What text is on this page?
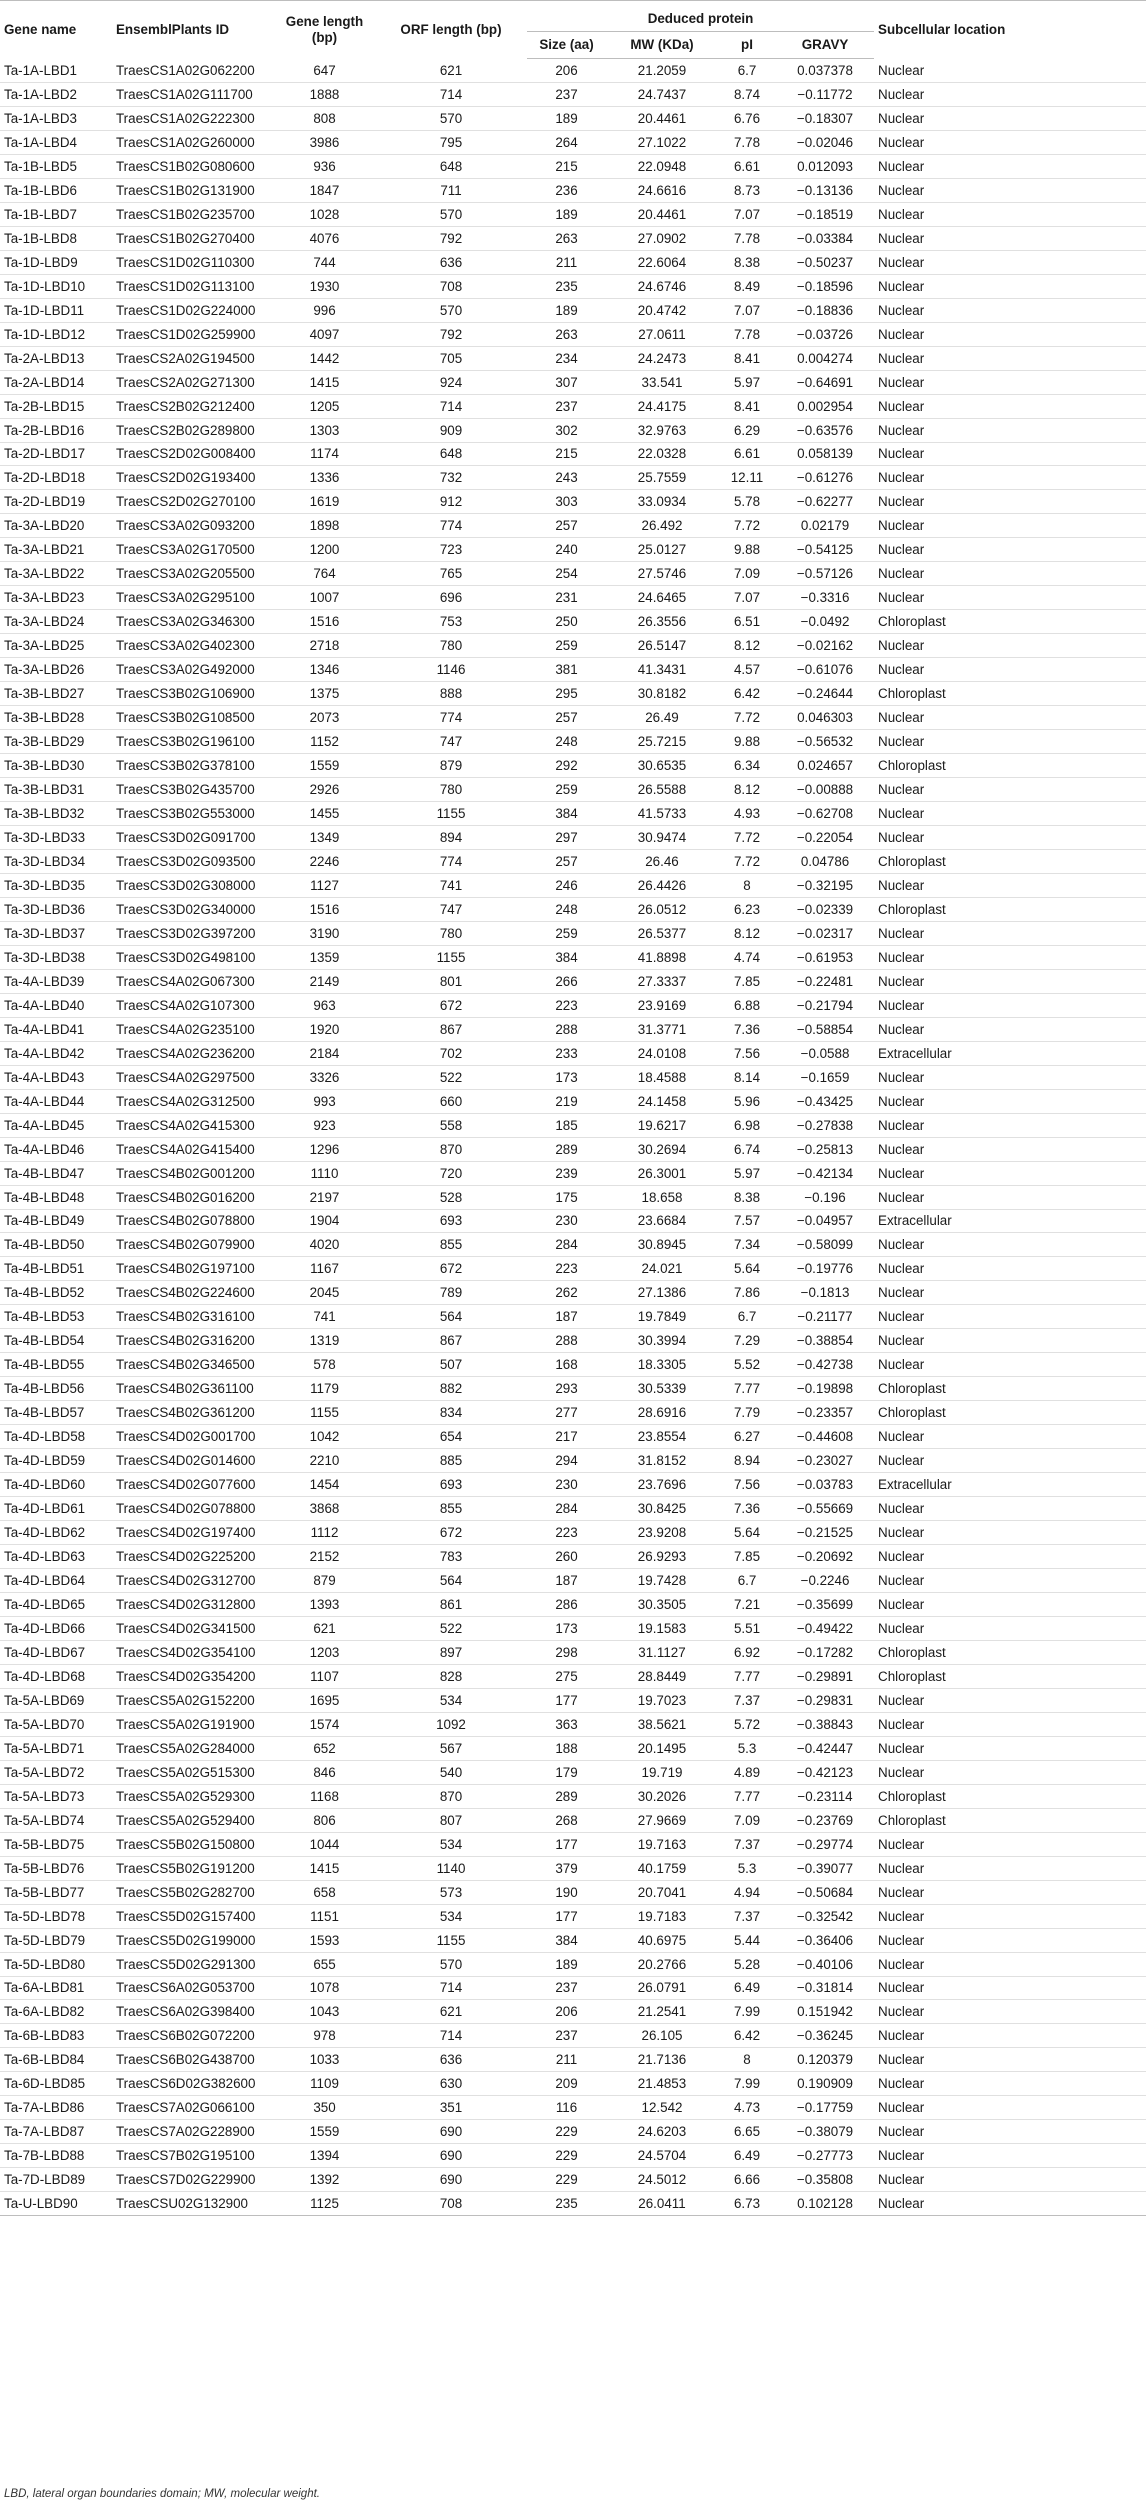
Gene name	EnsemblPlants ID	Gene length (bp)	ORF length (bp)	Deduced protein				Subcellular location
				Size (aa)	MW (KDa)	pI	GRAVY	
Ta-1A-LBD1	TraesCS1A02G062200	647	621	206	21.2059	6.7	0.037378	Nuclear
Ta-1A-LBD2	TraesCS1A02G111700	1888	714	237	24.7437	8.74	−0.11772	Nuclear
Ta-1A-LBD3	TraesCS1A02G222300	808	570	189	20.4461	6.76	−0.18307	Nuclear
Ta-1A-LBD4	TraesCS1A02G260000	3986	795	264	27.1022	7.78	−0.02046	Nuclear
Ta-1B-LBD5	TraesCS1B02G080600	936	648	215	22.0948	6.61	0.012093	Nuclear
Ta-1B-LBD6	TraesCS1B02G131900	1847	711	236	24.6616	8.73	−0.13136	Nuclear
Ta-1B-LBD7	TraesCS1B02G235700	1028	570	189	20.4461	7.07	−0.18519	Nuclear
Ta-1B-LBD8	TraesCS1B02G270400	4076	792	263	27.0902	7.78	−0.03384	Nuclear
Ta-1D-LBD9	TraesCS1D02G110300	744	636	211	22.6064	8.38	−0.50237	Nuclear
Ta-1D-LBD10	TraesCS1D02G113100	1930	708	235	24.6746	8.49	−0.18596	Nuclear
Ta-1D-LBD11	TraesCS1D02G224000	996	570	189	20.4742	7.07	−0.18836	Nuclear
Ta-1D-LBD12	TraesCS1D02G259900	4097	792	263	27.0611	7.78	−0.03726	Nuclear
Ta-2A-LBD13	TraesCS2A02G194500	1442	705	234	24.2473	8.41	0.004274	Nuclear
Ta-2A-LBD14	TraesCS2A02G271300	1415	924	307	33.541	5.97	−0.64691	Nuclear
Ta-2B-LBD15	TraesCS2B02G212400	1205	714	237	24.4175	8.41	0.002954	Nuclear
Ta-2B-LBD16	TraesCS2B02G289800	1303	909	302	32.9763	6.29	−0.63576	Nuclear
Ta-2D-LBD17	TraesCS2D02G008400	1174	648	215	22.0328	6.61	0.058139	Nuclear
Ta-2D-LBD18	TraesCS2D02G193400	1336	732	243	25.7559	12.11	−0.61276	Nuclear
Ta-2D-LBD19	TraesCS2D02G270100	1619	912	303	33.0934	5.78	−0.62277	Nuclear
Ta-3A-LBD20	TraesCS3A02G093200	1898	774	257	26.492	7.72	0.02179	Nuclear
Ta-3A-LBD21	TraesCS3A02G170500	1200	723	240	25.0127	9.88	−0.54125	Nuclear
Ta-3A-LBD22	TraesCS3A02G205500	764	765	254	27.5746	7.09	−0.57126	Nuclear
Ta-3A-LBD23	TraesCS3A02G295100	1007	696	231	24.6465	7.07	−0.3316	Nuclear
Ta-3A-LBD24	TraesCS3A02G346300	1516	753	250	26.3556	6.51	−0.0492	Chloroplast
Ta-3A-LBD25	TraesCS3A02G402300	2718	780	259	26.5147	8.12	−0.02162	Nuclear
Ta-3A-LBD26	TraesCS3A02G492000	1346	1146	381	41.3431	4.57	−0.61076	Nuclear
Ta-3B-LBD27	TraesCS3B02G106900	1375	888	295	30.8182	6.42	−0.24644	Chloroplast
Ta-3B-LBD28	TraesCS3B02G108500	2073	774	257	26.49	7.72	0.046303	Nuclear
Ta-3B-LBD29	TraesCS3B02G196100	1152	747	248	25.7215	9.88	−0.56532	Nuclear
Ta-3B-LBD30	TraesCS3B02G378100	1559	879	292	30.6535	6.34	0.024657	Chloroplast
Ta-3B-LBD31	TraesCS3B02G435700	2926	780	259	26.5588	8.12	−0.00888	Nuclear
Ta-3B-LBD32	TraesCS3B02G553000	1455	1155	384	41.5733	4.93	−0.62708	Nuclear
Ta-3D-LBD33	TraesCS3D02G091700	1349	894	297	30.9474	7.72	−0.22054	Nuclear
Ta-3D-LBD34	TraesCS3D02G093500	2246	774	257	26.46	7.72	0.04786	Chloroplast
Ta-3D-LBD35	TraesCS3D02G308000	1127	741	246	26.4426	8	−0.32195	Nuclear
Ta-3D-LBD36	TraesCS3D02G340000	1516	747	248	26.0512	6.23	−0.02339	Chloroplast
Ta-3D-LBD37	TraesCS3D02G397200	3190	780	259	26.5377	8.12	−0.02317	Nuclear
Ta-3D-LBD38	TraesCS3D02G498100	1359	1155	384	41.8898	4.74	−0.61953	Nuclear
Ta-4A-LBD39	TraesCS4A02G067300	2149	801	266	27.3337	7.85	−0.22481	Nuclear
Ta-4A-LBD40	TraesCS4A02G107300	963	672	223	23.9169	6.88	−0.21794	Nuclear
Ta-4A-LBD41	TraesCS4A02G235100	1920	867	288	31.3771	7.36	−0.58854	Nuclear
Ta-4A-LBD42	TraesCS4A02G236200	2184	702	233	24.0108	7.56	−0.0588	Extracellular
Ta-4A-LBD43	TraesCS4A02G297500	3326	522	173	18.4588	8.14	−0.1659	Nuclear
Ta-4A-LBD44	TraesCS4A02G312500	993	660	219	24.1458	5.96	−0.43425	Nuclear
Ta-4A-LBD45	TraesCS4A02G415300	923	558	185	19.6217	6.98	−0.27838	Nuclear
Ta-4A-LBD46	TraesCS4A02G415400	1296	870	289	30.2694	6.74	−0.25813	Nuclear
Ta-4B-LBD47	TraesCS4B02G001200	1110	720	239	26.3001	5.97	−0.42134	Nuclear
Ta-4B-LBD48	TraesCS4B02G016200	2197	528	175	18.658	8.38	−0.196	Nuclear
Ta-4B-LBD49	TraesCS4B02G078800	1904	693	230	23.6684	7.57	−0.04957	Extracellular
Ta-4B-LBD50	TraesCS4B02G079900	4020	855	284	30.8945	7.34	−0.58099	Nuclear
Ta-4B-LBD51	TraesCS4B02G197100	1167	672	223	24.021	5.64	−0.19776	Nuclear
Ta-4B-LBD52	TraesCS4B02G224600	2045	789	262	27.1386	7.86	−0.1813	Nuclear
Ta-4B-LBD53	TraesCS4B02G316100	741	564	187	19.7849	6.7	−0.21177	Nuclear
Ta-4B-LBD54	TraesCS4B02G316200	1319	867	288	30.3994	7.29	−0.38854	Nuclear
Ta-4B-LBD55	TraesCS4B02G346500	578	507	168	18.3305	5.52	−0.42738	Nuclear
Ta-4B-LBD56	TraesCS4B02G361100	1179	882	293	30.5339	7.77	−0.19898	Chloroplast
Ta-4B-LBD57	TraesCS4B02G361200	1155	834	277	28.6916	7.79	−0.23357	Chloroplast
Ta-4D-LBD58	TraesCS4D02G001700	1042	654	217	23.8554	6.27	−0.44608	Nuclear
Ta-4D-LBD59	TraesCS4D02G014600	2210	885	294	31.8152	8.94	−0.23027	Nuclear
Ta-4D-LBD60	TraesCS4D02G077600	1454	693	230	23.7696	7.56	−0.03783	Extracellular
Ta-4D-LBD61	TraesCS4D02G078800	3868	855	284	30.8425	7.36	−0.55669	Nuclear
Ta-4D-LBD62	TraesCS4D02G197400	1112	672	223	23.9208	5.64	−0.21525	Nuclear
Ta-4D-LBD63	TraesCS4D02G225200	2152	783	260	26.9293	7.85	−0.20692	Nuclear
Ta-4D-LBD64	TraesCS4D02G312700	879	564	187	19.7428	6.7	−0.2246	Nuclear
Ta-4D-LBD65	TraesCS4D02G312800	1393	861	286	30.3505	7.21	−0.35699	Nuclear
Ta-4D-LBD66	TraesCS4D02G341500	621	522	173	19.1583	5.51	−0.49422	Nuclear
Ta-4D-LBD67	TraesCS4D02G354100	1203	897	298	31.1127	6.92	−0.17282	Chloroplast
Ta-4D-LBD68	TraesCS4D02G354200	1107	828	275	28.8449	7.77	−0.29891	Chloroplast
Ta-5A-LBD69	TraesCS5A02G152200	1695	534	177	19.7023	7.37	−0.29831	Nuclear
Ta-5A-LBD70	TraesCS5A02G191900	1574	1092	363	38.5621	5.72	−0.38843	Nuclear
Ta-5A-LBD71	TraesCS5A02G284000	652	567	188	20.1495	5.3	−0.42447	Nuclear
Ta-5A-LBD72	TraesCS5A02G515300	846	540	179	19.719	4.89	−0.42123	Nuclear
Ta-5A-LBD73	TraesCS5A02G529300	1168	870	289	30.2026	7.77	−0.23114	Chloroplast
Ta-5A-LBD74	TraesCS5A02G529400	806	807	268	27.9669	7.09	−0.23769	Chloroplast
Ta-5B-LBD75	TraesCS5B02G150800	1044	534	177	19.7163	7.37	−0.29774	Nuclear
Ta-5B-LBD76	TraesCS5B02G191200	1415	1140	379	40.1759	5.3	−0.39077	Nuclear
Ta-5B-LBD77	TraesCS5B02G282700	658	573	190	20.7041	4.94	−0.50684	Nuclear
Ta-5D-LBD78	TraesCS5D02G157400	1151	534	177	19.7183	7.37	−0.32542	Nuclear
Ta-5D-LBD79	TraesCS5D02G199000	1593	1155	384	40.6975	5.44	−0.36406	Nuclear
Ta-5D-LBD80	TraesCS5D02G291300	655	570	189	20.2766	5.28	−0.40106	Nuclear
Ta-6A-LBD81	TraesCS6A02G053700	1078	714	237	26.0791	6.49	−0.31814	Nuclear
Ta-6A-LBD82	TraesCS6A02G398400	1043	621	206	21.2541	7.99	0.151942	Nuclear
Ta-6B-LBD83	TraesCS6B02G072200	978	714	237	26.105	6.42	−0.36245	Nuclear
Ta-6B-LBD84	TraesCS6B02G438700	1033	636	211	21.7136	8	0.120379	Nuclear
Ta-6D-LBD85	TraesCS6D02G382600	1109	630	209	21.4853	7.99	0.190909	Nuclear
Ta-7A-LBD86	TraesCS7A02G066100	350	351	116	12.542	4.73	−0.17759	Nuclear
Ta-7A-LBD87	TraesCS7A02G228900	1559	690	229	24.6203	6.65	−0.38079	Nuclear
Ta-7B-LBD88	TraesCS7B02G195100	1394	690	229	24.5704	6.49	−0.27773	Nuclear
Ta-7D-LBD89	TraesCS7D02G229900	1392	690	229	24.5012	6.66	−0.35808	Nuclear
Ta-U-LBD90	TraesCSU02G132900	1125	708	235	26.0411	6.73	0.102128	Nuclear
LBD, lateral organ boundaries domain; MW, molecular weight.
